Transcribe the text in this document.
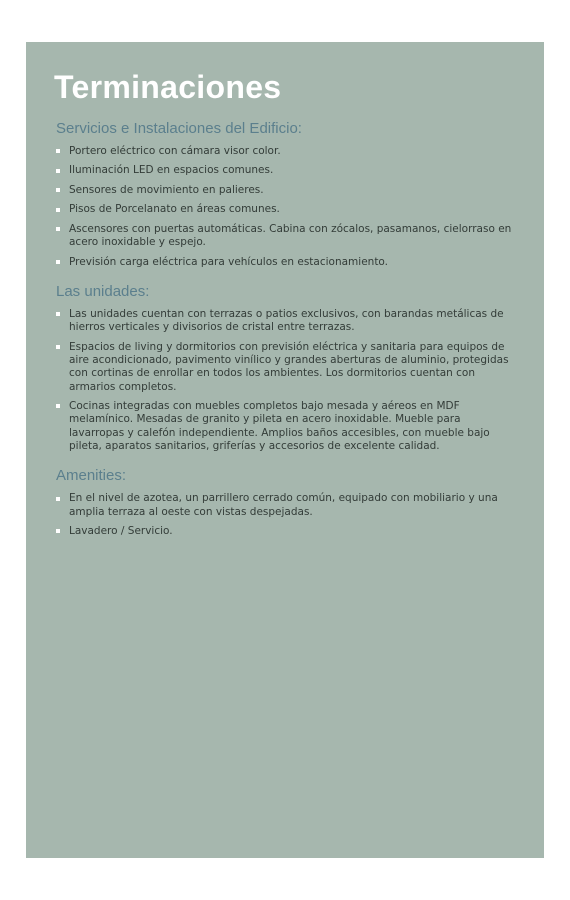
Terminaciones
Servicios e Instalaciones del Edificio:
Portero eléctrico con cámara visor color.
Iluminación LED en espacios comunes.
Sensores de movimiento en palieres.
Pisos de Porcelanato en áreas comunes.
Ascensores con puertas automáticas. Cabina con zócalos, pasamanos, cielorraso en acero inoxidable y espejo.
Previsión carga eléctrica para vehículos en estacionamiento.
Las unidades:
Las unidades cuentan con terrazas o patios exclusivos, con barandas metálicas de hierros verticales y divisorios de cristal entre terrazas.
Espacios de living y dormitorios con previsión eléctrica y sanitaria para equipos de aire acondicionado, pavimento vinílico y grandes aberturas de aluminio, protegidas con cortinas de enrollar en todos los ambientes. Los dormitorios cuentan con armarios completos.
Cocinas integradas con muebles completos bajo mesada y aéreos en MDF melamínico. Mesadas de granito y pileta en acero inoxidable. Mueble para lavarropas y calefón independiente. Amplios baños accesibles, con mueble bajo pileta, aparatos sanitarios, griferías y accesorios de excelente calidad.
Amenities:
En el nivel de azotea, un parrillero cerrado común, equipado con mobiliario y una amplia terraza al oeste con vistas despejadas.
Lavadero / Servicio.
